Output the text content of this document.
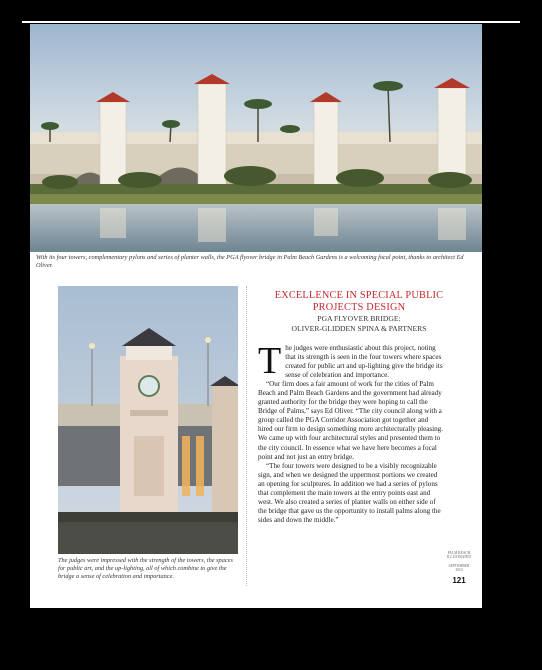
With its four towers, complementary pylons and series of planter walls, the PGA flyover bridge in Palm Beach Gardens is a welcoming focal point, thanks to architect Ed Oliver.
The judges were impressed with the strength of the towers, the spaces for public art, and the up-lighting, all of which combine to give the bridge a sense of celebration and importance.
EXCELLENCE IN SPECIAL PUBLIC PROJECTS DESIGN
PGA FLYOVER BRIDGE:
OLIVER-GLIDDEN SPINA & PARTNERS

The judges were enthusiastic about this project, noting that its strength is seen in the four towers where spaces created for public art and up-lighting give the bridge its sense of celebration and importance.

“Our firm does a fair amount of work for the cities of Palm Beach and Palm Beach Gardens and the government had already granted authority for the bridge they were hoping to call the Bridge of Palms,” says Ed Oliver. “The city council along with a group called the PGA Corridor Association got together and hired our firm to design something more architecturally pleasing. We came up with four architectural styles and presented them to the city council. In essence what we have here becomes a focal point and not just an entry bridge.

“The four towers were designed to be a visibly recognizable sign, and when we designed the uppermost portions we created an opening for sculptures. In addition we had a series of pylons that complement the main towers at the entry points east and west. We also created a series of planter walls on either side of the bridge that gave us the opportunity to install palms along the sides and down the middle.”

PALM BEACH
ILLUSTRATED
SEPTEMBER
2010
121
